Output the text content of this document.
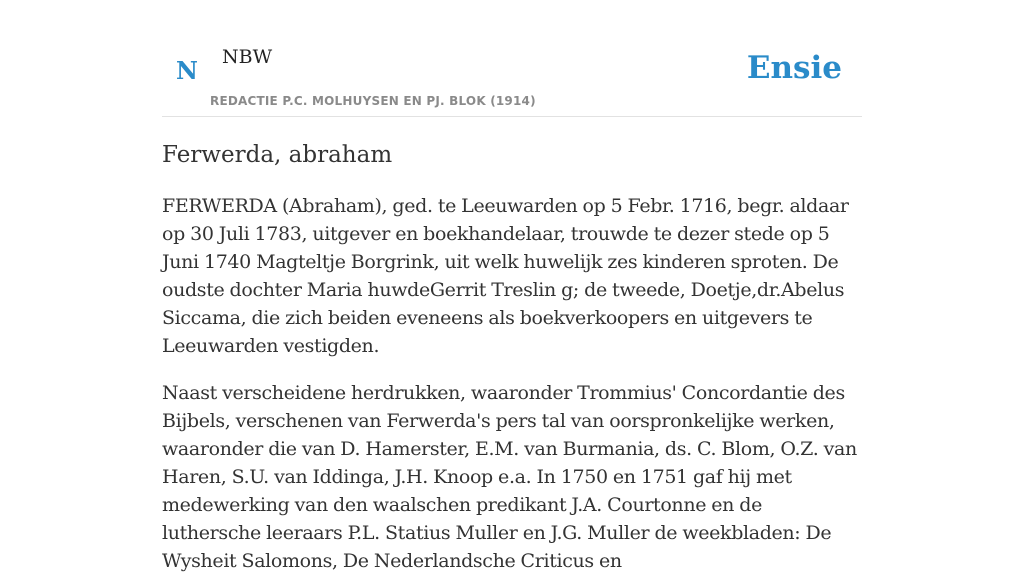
N NBW
REDACTIE P.C. MOLHUYSEN EN PJ. BLOK (1914)
Ensie
Ferwerda, abraham

FERWERDA (Abraham), ged. te Leeuwarden op 5 Febr. 1716, begr. aldaar op 30 Juli 1783, uitgever en boekhandelaar, trouwde te dezer stede op 5 Juni 1740 Magteltje Borgrink, uit welk huwelijk zes kinderen sproten. De oudste dochter Maria huwdeGerrit Treslin g; de tweede, Doetje,dr.Abelus Siccama, die zich beiden eveneens als boekverkoopers en uitgevers te Leeuwarden vestigden.

Naast verscheidene herdrukken, waaronder Trommius' Concordantie des Bijbels, verschenen van Ferwerda's pers tal van oorspronkelijke werken, waaronder die van D. Hamerster, E.M. van Burmania, ds. C. Blom, O.Z. van Haren, S.U. van Iddinga, J.H. Knoop e.a. In 1750 en 1751 gaf hij met medewerking van den waalschen predikant J.A. Courtonne en de luthersche leeraars P.L. Statius Muller en J.G. Muller de weekbladen: De Wysheit Salomons, De Nederlandsche Criticus en
